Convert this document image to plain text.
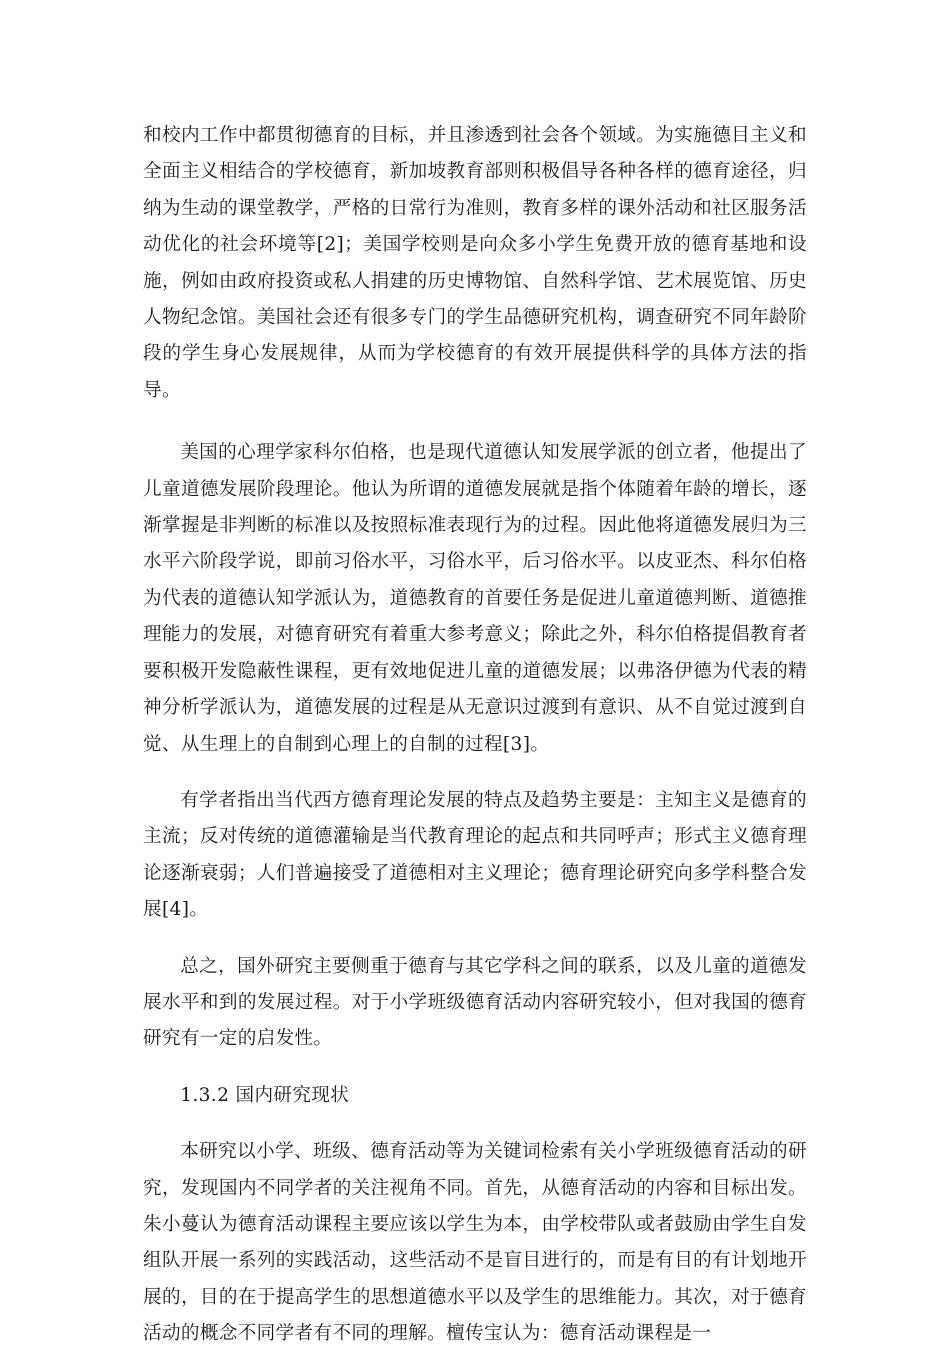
和校内工作中都贯彻德育的目标，并且渗透到社会各个领域。为实施德目主义和全面主义相结合的学校德育，新加坡教育部则积极倡导各种各样的德育途径，归纳为生动的课堂教学，严格的日常行为准则，教育多样的课外活动和社区服务活动优化的社会环境等[2]；美国学校则是向众多小学生免费开放的德育基地和设施，例如由政府投资或私人捐建的历史博物馆、自然科学馆、艺术展览馆、历史人物纪念馆。美国社会还有很多专门的学生品德研究机构，调查研究不同年龄阶段的学生身心发展规律，从而为学校德育的有效开展提供科学的具体方法的指导。

美国的心理学家科尔伯格，也是现代道德认知发展学派的创立者，他提出了儿童道德发展阶段理论。他认为所谓的道德发展就是指个体随着年龄的增长，逐渐掌握是非判断的标准以及按照标准表现行为的过程。因此他将道德发展归为三水平六阶段学说，即前习俗水平，习俗水平，后习俗水平。以皮亚杰、科尔伯格为代表的道德认知学派认为，道德教育的首要任务是促进儿童道德判断、道德推理能力的发展，对德育研究有着重大参考意义；除此之外，科尔伯格提倡教育者要积极开发隐蔽性课程，更有效地促进儿童的道德发展；以弗洛伊德为代表的精神分析学派认为，道德发展的过程是从无意识过渡到有意识、从不自觉过渡到自觉、从生理上的自制到心理上的自制的过程[3]。

有学者指出当代西方德育理论发展的特点及趋势主要是：主知主义是德育的主流；反对传统的道德灌输是当代教育理论的起点和共同呼声；形式主义德育理论逐渐衰弱；人们普遍接受了道德相对主义理论；德育理论研究向多学科整合发展[4]。

总之，国外研究主要侧重于德育与其它学科之间的联系，以及儿童的道德发展水平和到的发展过程。对于小学班级德育活动内容研究较小，但对我国的德育研究有一定的启发性。

1.3.2 国内研究现状

本研究以小学、班级、德育活动等为关键词检索有关小学班级德育活动的研究，发现国内不同学者的关注视角不同。首先，从德育活动的内容和目标出发。朱小蔓认为德育活动课程主要应该以学生为本，由学校带队或者鼓励由学生自发组队开展一系列的实践活动，这些活动不是盲目进行的，而是有目的有计划地开展的，目的在于提高学生的思想道德水平以及学生的思维能力。其次，对于德育活动的概念不同学者有不同的理解。檀传宝认为：德育活动课程是一
